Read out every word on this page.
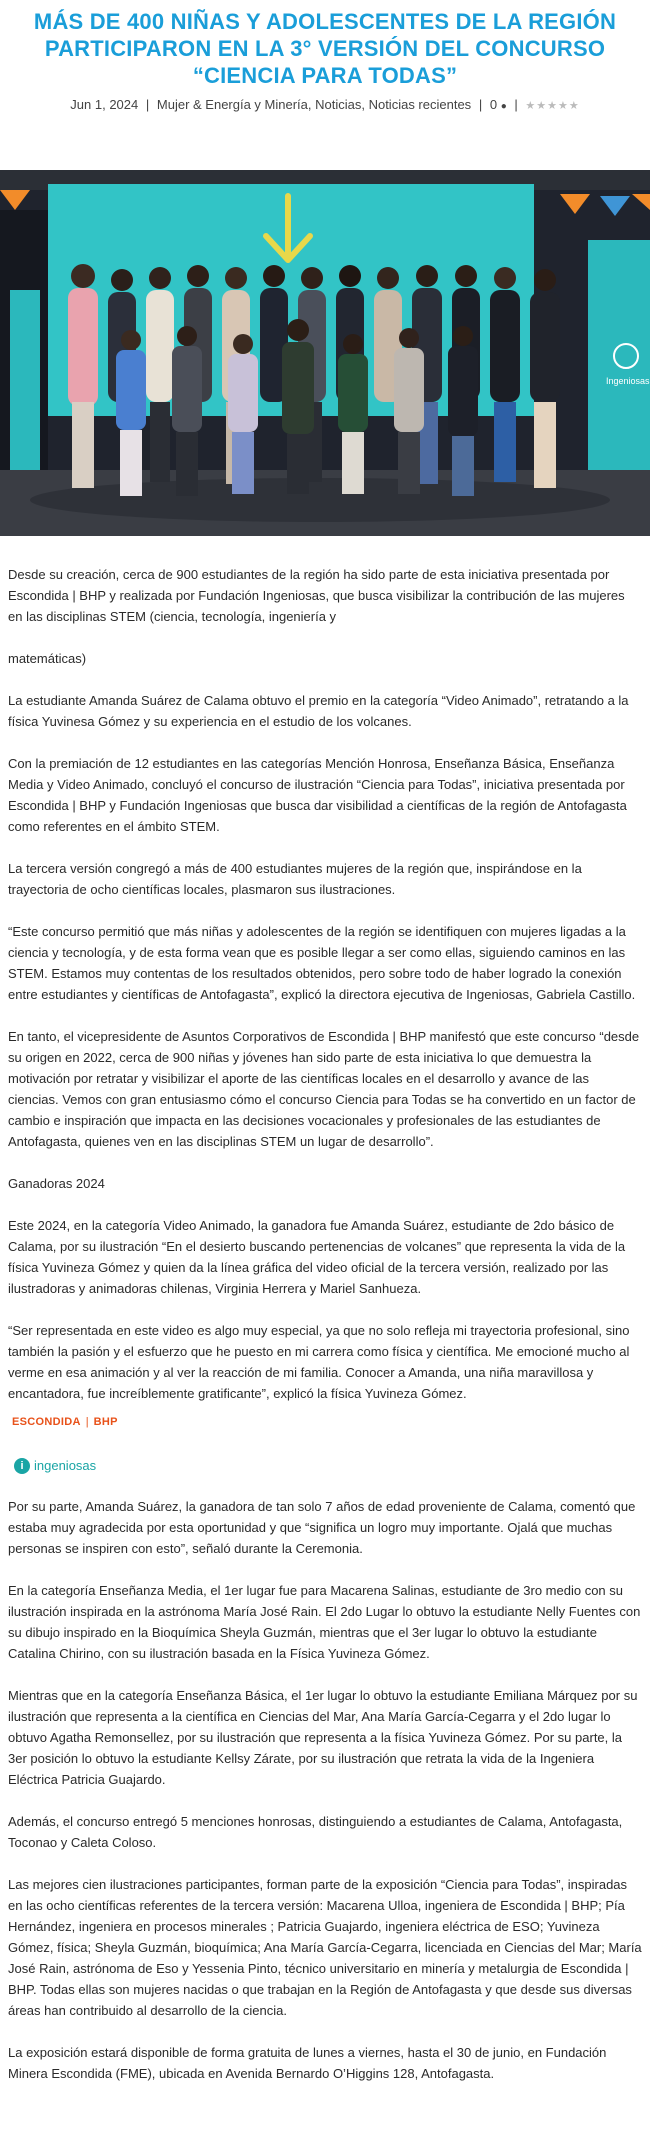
MÁS DE 400 NIÑAS Y ADOLESCENTES DE LA REGIÓN PARTICIPARON EN LA 3° VERSIÓN DEL CONCURSO “CIENCIA PARA TODAS”
Jun 1, 2024 | Mujer & Energía y Minería, Noticias, Noticias recientes | 0 ● | ★★★★★
Ingeniosas

Desde su creación, cerca de 900 estudiantes de la región ha sido parte de esta iniciativa presentada por Escondida | BHP y realizada por Fundación Ingeniosas, que busca visibilizar la contribución de las mujeres en las disciplinas STEM (ciencia, tecnología, ingeniería y

matemáticas)

La estudiante Amanda Suárez de Calama obtuvo el premio en la categoría “Video Animado”, retratando a la física Yuvinesa Gómez y su experiencia en el estudio de los volcanes.

Con la premiación de 12 estudiantes en las categorías Mención Honrosa, Enseñanza Básica, Enseñanza Media y Video Animado, concluyó el concurso de ilustración “Ciencia para Todas”, iniciativa presentada por Escondida | BHP y Fundación Ingeniosas que busca dar visibilidad a científicas de la región de Antofagasta como referentes en el ámbito STEM.

La tercera versión congregó a más de 400 estudiantes mujeres de la región que, inspirándose en la trayectoria de ocho científicas locales, plasmaron sus ilustraciones.

“Este concurso permitió que más niñas y adolescentes de la región se identifiquen con mujeres ligadas a la ciencia y tecnología, y de esta forma vean que es posible llegar a ser como ellas, siguiendo caminos en las STEM. Estamos muy contentas de los resultados obtenidos, pero sobre todo de haber logrado la conexión entre estudiantes y científicas de Antofagasta”, explicó la directora ejecutiva de Ingeniosas, Gabriela Castillo.

En tanto, el vicepresidente de Asuntos Corporativos de Escondida | BHP manifestó que este concurso “desde su origen en 2022, cerca de 900 niñas y jóvenes han sido parte de esta iniciativa lo que demuestra la motivación por retratar y visibilizar el aporte de las científicas locales en el desarrollo y avance de las ciencias. Vemos con gran entusiasmo cómo el concurso Ciencia para Todas se ha convertido en un factor de cambio e inspiración que impacta en las decisiones vocacionales y profesionales de las estudiantes de Antofagasta, quienes ven en las disciplinas STEM un lugar de desarrollo”.

Ganadoras 2024

Este 2024, en la categoría Video Animado, la ganadora fue Amanda Suárez, estudiante de 2do básico de Calama, por su ilustración “En el desierto buscando pertenencias de volcanes” que representa la vida de la física Yuvineza Gómez y quien da la línea gráfica del video oficial de la tercera versión, realizado por las ilustradoras y animadoras chilenas, Virginia Herrera y Mariel Sanhueza.

“Ser representada en este video es algo muy especial, ya que no solo refleja mi trayectoria profesional, sino también la pasión y el esfuerzo que he puesto en mi carrera como física y científica. Me emocioné mucho al verme en esa animación y al ver la reacción de mi familia. Conocer a Amanda, una niña maravillosa y encantadora, fue increíblemente gratificante”, explicó la física Yuvineza Gómez.

ESCONDIDA | BHP
i ingeniosas

Por su parte, Amanda Suárez, la ganadora de tan solo 7 años de edad proveniente de Calama, comentó que estaba muy agradecida por esta oportunidad y que “significa un logro muy importante. Ojalá que muchas personas se inspiren con esto”, señaló durante la Ceremonia.

En la categoría Enseñanza Media, el 1er lugar fue para Macarena Salinas, estudiante de 3ro medio con su ilustración inspirada en la astrónoma María José Rain. El 2do Lugar lo obtuvo la estudiante Nelly Fuentes con su dibujo inspirado en la Bioquímica Sheyla Guzmán, mientras que el 3er lugar lo obtuvo la estudiante Catalina Chirino, con su ilustración basada en la Física Yuvineza Gómez.

Mientras que en la categoría Enseñanza Básica, el 1er lugar lo obtuvo la estudiante Emiliana Márquez por su ilustración que representa a la científica en Ciencias del Mar, Ana María García-Cegarra y el 2do lugar lo obtuvo Agatha Remonsellez, por su ilustración que representa a la física Yuvineza Gómez. Por su parte, la 3er posición lo obtuvo la estudiante Kellsy Zárate, por su ilustración que retrata la vida de la Ingeniera Eléctrica Patricia Guajardo.

Además, el concurso entregó 5 menciones honrosas, distinguiendo a estudiantes de Calama, Antofagasta, Toconao y Caleta Coloso.

Las mejores cien ilustraciones participantes, forman parte de la exposición “Ciencia para Todas”, inspiradas en las ocho científicas referentes de la tercera versión: Macarena Ulloa, ingeniera de Escondida | BHP; Pía Hernández, ingeniera en procesos minerales ; Patricia Guajardo, ingeniera eléctrica de ESO; Yuvineza Gómez, física; Sheyla Guzmán, bioquímica; Ana María García-Cegarra, licenciada en Ciencias del Mar; María José Rain, astrónoma de Eso y Yessenia Pinto, técnico universitario en minería y metalurgia de Escondida | BHP. Todas ellas son mujeres nacidas o que trabajan en la Región de Antofagasta y que desde sus diversas áreas han contribuido al desarrollo de la ciencia.

La exposición estará disponible de forma gratuita de lunes a viernes, hasta el 30 de junio, en Fundación Minera Escondida (FME), ubicada en Avenida Bernardo O’Higgins 128, Antofagasta.
